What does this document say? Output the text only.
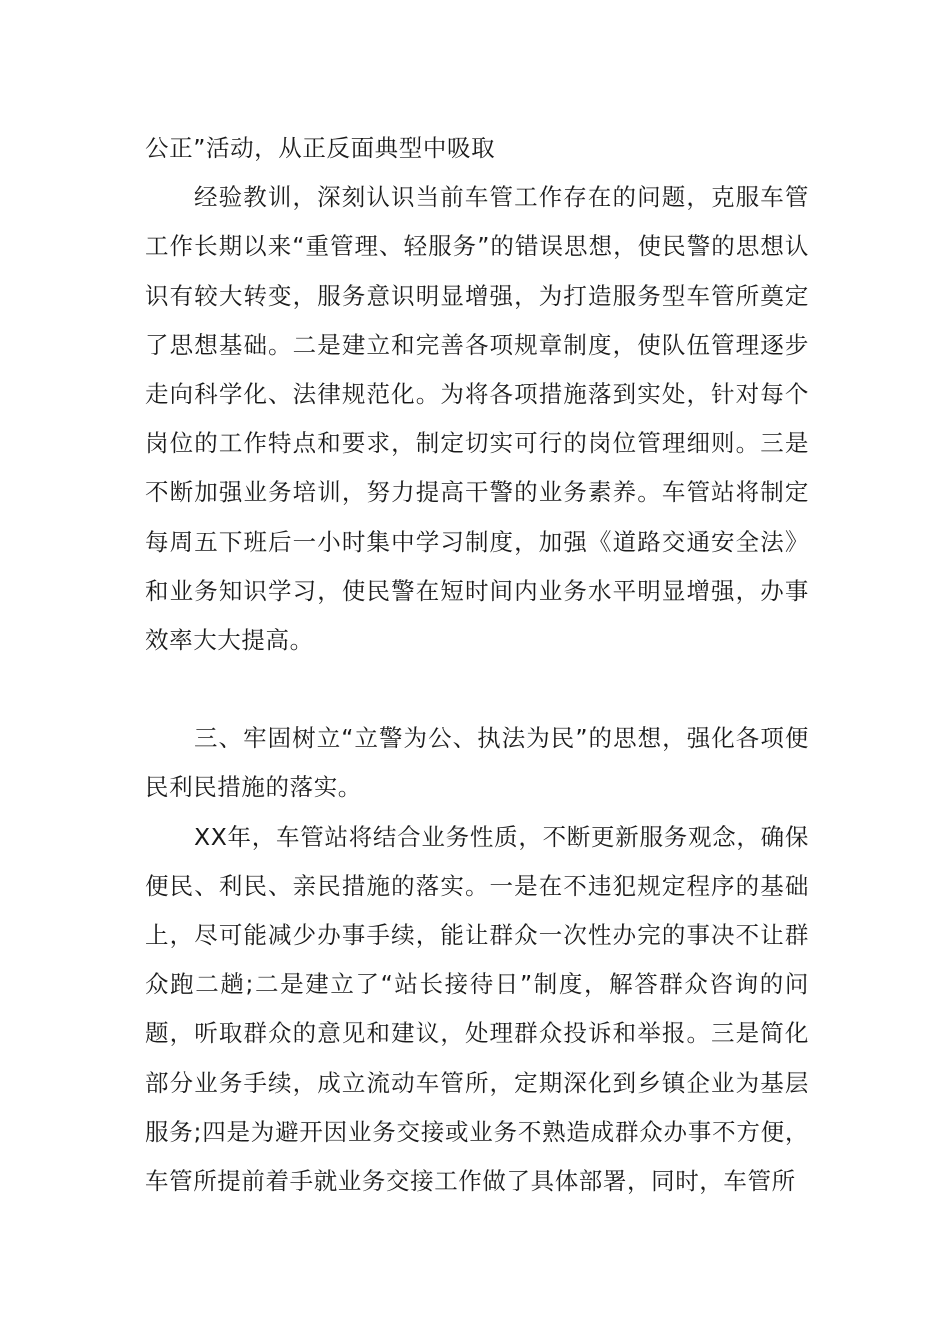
公正”活动，从正反面典型中吸取

经验教训，深刻认识当前车管工作存在的问题，克服车管工作长期以来“重管理、轻服务”的错误思想，使民警的思想认识有较大转变，服务意识明显增强，为打造服务型车管所奠定了思想基础。二是建立和完善各项规章制度，使队伍管理逐步走向科学化、法律规范化。为将各项措施落到实处，针对每个岗位的工作特点和要求，制定切实可行的岗位管理细则。三是不断加强业务培训，努力提高干警的业务素养。车管站将制定每周五下班后一小时集中学习制度，加强《道路交通安全法》和业务知识学习，使民警在短时间内业务水平明显增强，办事效率大大提高。

三、牢固树立“立警为公、执法为民”的思想，强化各项便民利民措施的落实。

XX年，车管站将结合业务性质，不断更新服务观念，确保便民、利民、亲民措施的落实。一是在不违犯规定程序的基础上，尽可能减少办事手续，能让群众一次性办完的事决不让群众跑二趟;二是建立了“站长接待日”制度，解答群众咨询的问题，听取群众的意见和建议，处理群众投诉和举报。三是简化部分业务手续，成立流动车管所，定期深化到乡镇企业为基层服务;四是为避开因业务交接或业务不熟造成群众办事不方便，车管所提前着手就业务交接工作做了具体部署，同时，车管所
